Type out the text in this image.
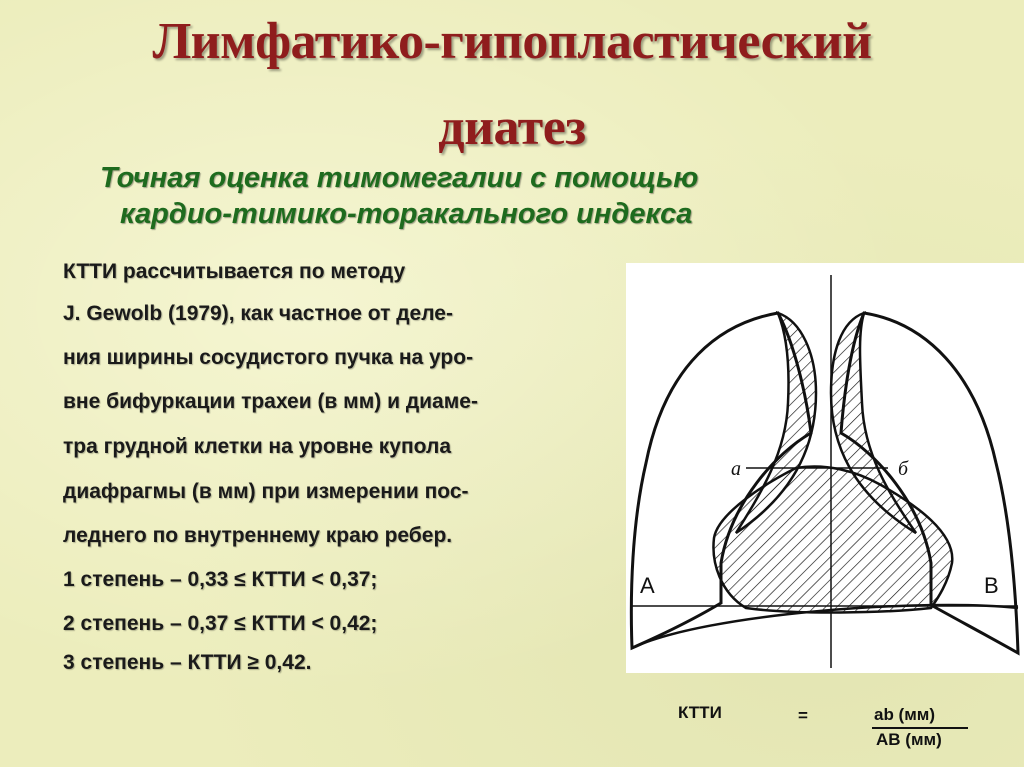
Лимфатико-гипопластический
диатез

Точная оценка тимомегалии с помощью

кардио-тимико-торакального индекса

КТТИ рассчитывается по методу

J. Gewolb (1979), как частное от деле-

ния ширины сосудистого пучка на уро-

вне бифуркации трахеи (в мм) и диаме-

тра грудной клетки на уровне купола

диафрагмы (в мм) при измерении пос-

леднего по внутреннему краю ребер.

1 степень – 0,33 ≤ КТТИ < 0,37;

2 степень – 0,37 ≤ КТТИ < 0,42;

3 степень – КТТИ ≥ 0,42.

а	б
A	B
КТТИ	=	ab (мм)
AB (мм)
